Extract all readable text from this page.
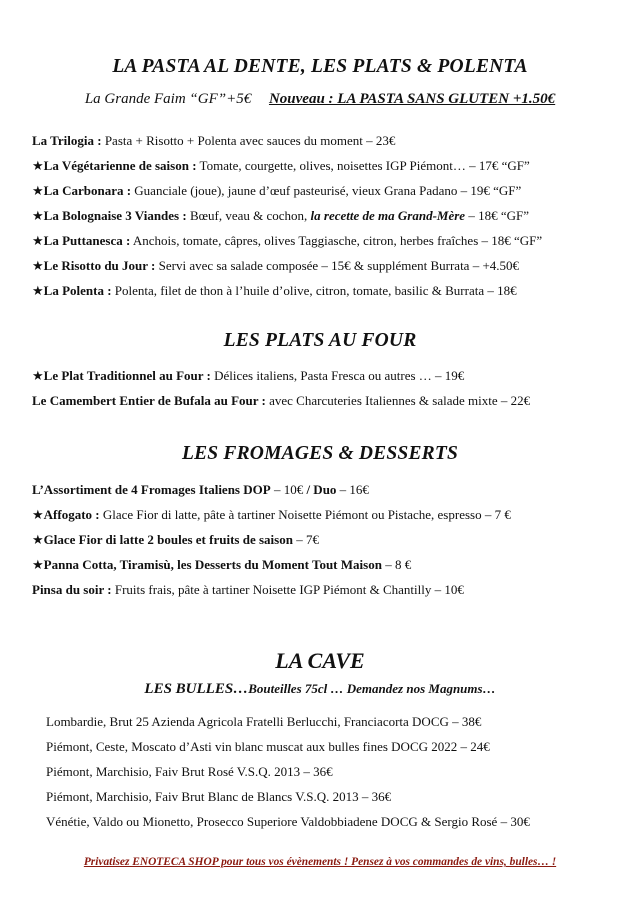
LA PASTA AL DENTE, LES PLATS & POLENTA
La Grande Faim “GF”+5€ Nouveau : LA PASTA SANS GLUTEN +1.50€
La Trilogia : Pasta + Risotto + Polenta avec sauces du moment – 23€
★La Végétarienne de saison : Tomate, courgette, olives, noisettes IGP Piémont… – 17€ “GF”
★La Carbonara : Guanciale (joue), jaune d’œuf pasteurisé, vieux Grana Padano – 19€ “GF”
★La Bolognaise 3 Viandes : Bœuf, veau & cochon, la recette de ma Grand-Mère – 18€ “GF”
★La Puttanesca : Anchois, tomate, câpres, olives Taggiasche, citron, herbes fraîches – 18€ “GF”
★Le Risotto du Jour : Servi avec sa salade composée – 15€ & supplément Burrata – +4.50€
★La Polenta : Polenta, filet de thon à l’huile d’olive, citron, tomate, basilic & Burrata – 18€
LES PLATS AU FOUR
★Le Plat Traditionnel au Four : Délices italiens, Pasta Fresca ou autres … – 19€
Le Camembert Entier de Bufala au Four : avec Charcuteries Italiennes & salade mixte – 22€
LES FROMAGES & DESSERTS
L’Assortiment de 4 Fromages Italiens DOP – 10€ / Duo – 16€
★Affogato : Glace Fior di latte, pâte à tartiner Noisette Piémont ou Pistache, espresso – 7 €
★Glace Fior di latte 2 boules et fruits de saison – 7€
★Panna Cotta, Tiramisù, les Desserts du Moment Tout Maison – 8 €
Pinsa du soir : Fruits frais, pâte à tartiner Noisette IGP Piémont & Chantilly – 10€
LA CAVE
LES BULLES…Bouteilles 75cl … Demandez nos Magnums…
Lombardie, Brut 25 Azienda Agricola Fratelli Berlucchi, Franciacorta DOCG – 38€
Piémont, Ceste, Moscato d’Asti vin blanc muscat aux bulles fines DOCG 2022 – 24€
Piémont, Marchisio, Faiv Brut Rosé V.S.Q. 2013 – 36€
Piémont, Marchisio, Faiv Brut Blanc de Blancs V.S.Q. 2013 – 36€
Vénétie, Valdo ou Mionetto, Prosecco Superiore Valdobbiadene DOCG & Sergio Rosé – 30€
Privatisez ENOTECA SHOP pour tous vos évènements ! Pensez à vos commandes de vins, bulles… !
